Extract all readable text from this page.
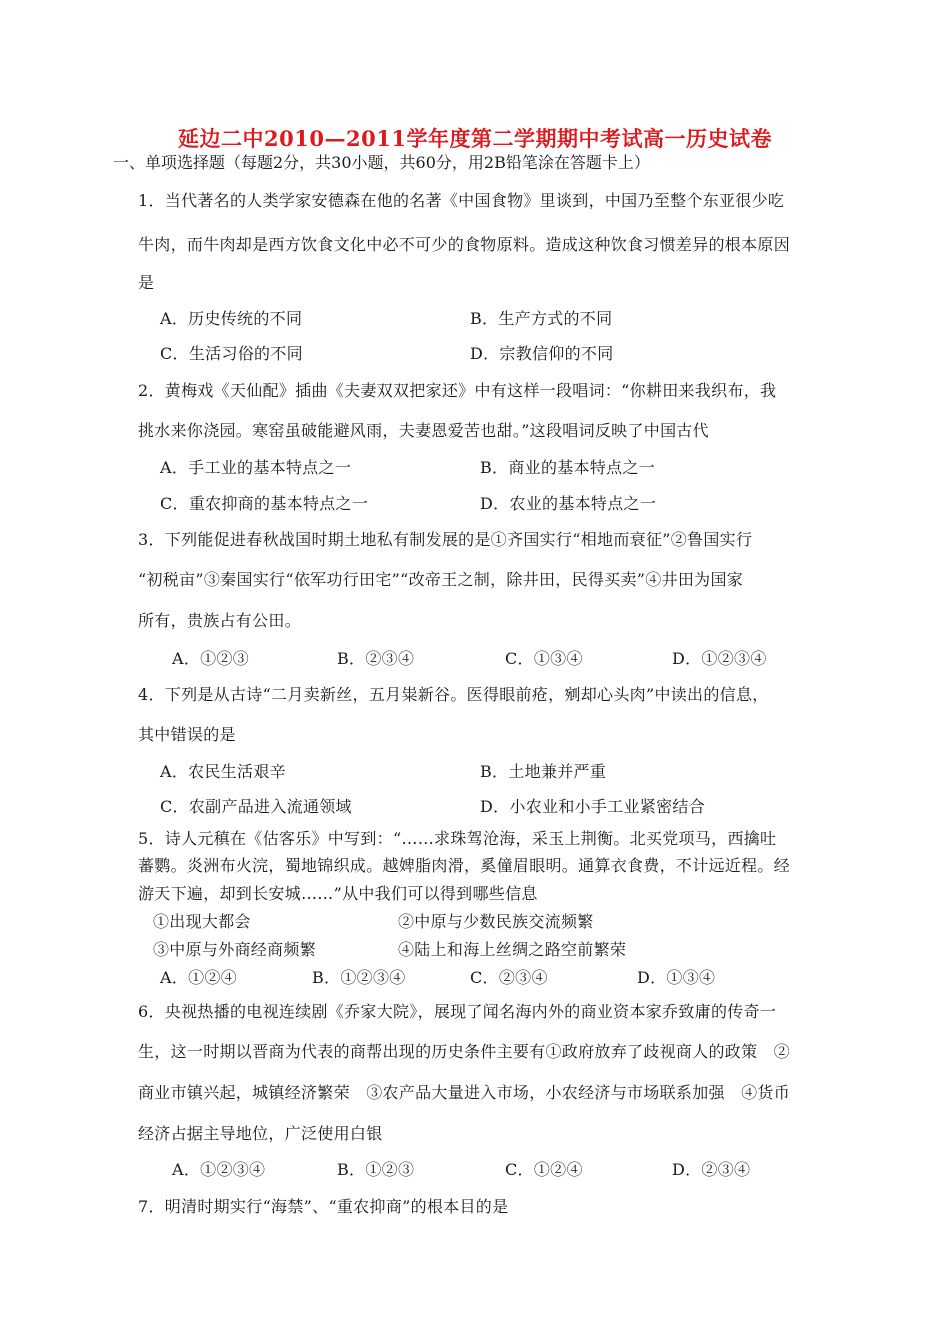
延边二中2010—2011学年度第二学期期中考试高一历史试卷
一、单项选择题（每题2分，共30小题，共60分，用2B铅笔涂在答题卡上）
1．当代著名的人类学家安德森在他的名著《中国食物》里谈到，中国乃至整个东亚很少吃
牛肉，而牛肉却是西方饮食文化中必不可少的食物原料。造成这种饮食习惯差异的根本原因
是
A．历史传统的不同	B．生产方式的不同
C．生活习俗的不同	D．宗教信仰的不同
2．黄梅戏《天仙配》插曲《夫妻双双把家还》中有这样一段唱词：“你耕田来我织布，我
挑水来你浇园。寒窑虽破能避风雨，夫妻恩爱苦也甜。”这段唱词反映了中国古代
A．手工业的基本特点之一	B．商业的基本特点之一
C．重农抑商的基本特点之一	D．农业的基本特点之一
3．下列能促进春秋战国时期土地私有制发展的是①齐国实行“相地而衰征”②鲁国实行
“初税亩”③秦国实行“依军功行田宅”“改帝王之制，除井田，民得买卖”④井田为国家
所有，贵族占有公田。
A．①②③	B．②③④	C．①③④	D．①②③④
4．下列是从古诗“二月卖新丝，五月粜新谷。医得眼前疮，剜却心头肉”中读出的信息，
其中错误的是
A．农民生活艰辛	B．土地兼并严重
C．农副产品进入流通领域	D．小农业和小手工业紧密结合
5．诗人元稹在《估客乐》中写到：“……求珠驾沧海，采玉上荆衡。北买党项马，西擒吐
蕃鹦。炎洲布火浣，蜀地锦织成。越婢脂肉滑，奚僮眉眼明。通算衣食费，不计远近程。经
游天下遍，却到长安城……”从中我们可以得到哪些信息
①出现大都会	②中原与少数民族交流频繁
③中原与外商经商频繁	④陆上和海上丝绸之路空前繁荣
A．①②④	B．①②③④	C．②③④	D．①③④
6．央视热播的电视连续剧《乔家大院》，展现了闻名海内外的商业资本家乔致庸的传奇一
生，这一时期以晋商为代表的商帮出现的历史条件主要有①政府放弃了歧视商人的政策　②
商业市镇兴起，城镇经济繁荣　③农产品大量进入市场，小农经济与市场联系加强　④货币
经济占据主导地位，广泛使用白银
A．①②③④	B．①②③	C．①②④	D．②③④
7．明清时期实行“海禁”、“重农抑商”的根本目的是
